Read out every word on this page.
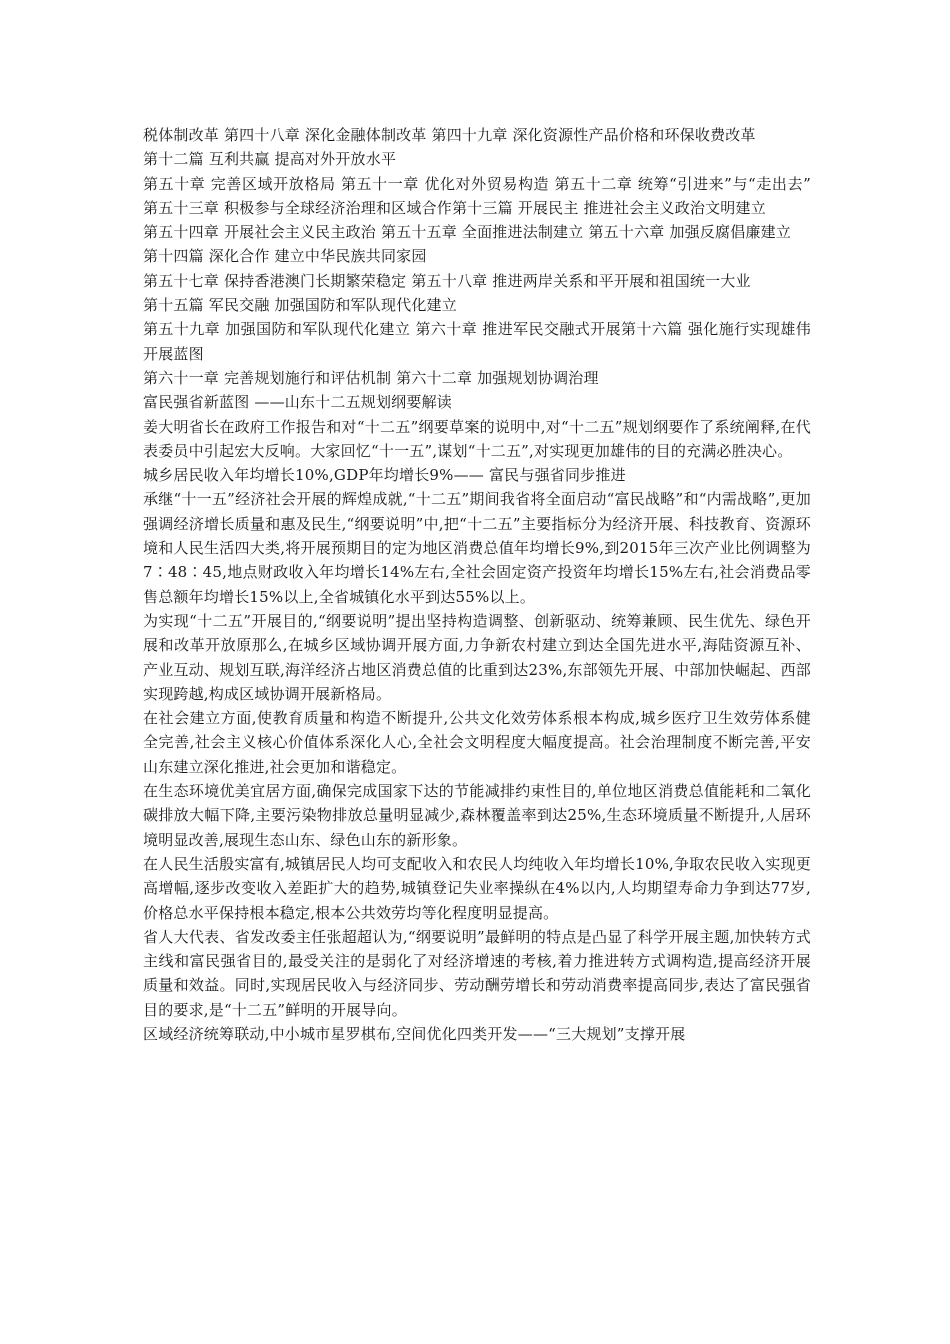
税体制改革 第四十八章 深化金融体制改革 第四十九章 深化资源性产品价格和环保收费改革

第十二篇 互利共赢 提高对外开放水平

第五十章 完善区域开放格局 第五十一章 优化对外贸易构造 第五十二章 统筹“引进来”与“走出去” 第五十三章 积极参与全球经济治理和区域合作第十三篇 开展民主 推进社会主义政治文明建立

第五十四章 开展社会主义民主政治 第五十五章 全面推进法制建立 第五十六章 加强反腐倡廉建立

第十四篇 深化合作 建立中华民族共同家园

第五十七章 保持香港澳门长期繁荣稳定 第五十八章 推进两岸关系和平开展和祖国统一大业

第十五篇 军民交融 加强国防和军队现代化建立

第五十九章 加强国防和军队现代化建立 第六十章 推进军民交融式开展第十六篇 强化施行实现雄伟开展蓝图

第六十一章 完善规划施行和评估机制 第六十二章 加强规划协调治理

富民强省新蓝图 ——山东十二五规划纲要解读

姜大明省长在政府工作报告和对“十二五”纲要草案的说明中,对“十二五”规划纲要作了系统阐释,在代表委员中引起宏大反响。大家回忆“十一五”,谋划“十二五”,对实现更加雄伟的目的充满必胜决心。

城乡居民收入年均增长10%,GDP年均增长9%—— 富民与强省同步推进

承继“十一五”经济社会开展的辉煌成就,“十二五”期间我省将全面启动“富民战略”和“内需战略”,更加强调经济增长质量和惠及民生,“纲要说明”中,把“十二五”主要指标分为经济开展、科技教育、资源环境和人民生活四大类,将开展预期目的定为地区消费总值年均增长9%,到2015年三次产业比例调整为7∶48∶45,地点财政收入年均增长14%左右,全社会固定资产投资年均增长15%左右,社会消费品零售总额年均增长15%以上,全省城镇化水平到达55%以上。

为实现“十二五”开展目的,“纲要说明”提出坚持构造调整、创新驱动、统筹兼顾、民生优先、绿色开展和改革开放原那么,在城乡区域协调开展方面,力争新农村建立到达全国先进水平,海陆资源互补、产业互动、规划互联,海洋经济占地区消费总值的比重到达23%,东部领先开展、中部加快崛起、西部实现跨越,构成区域协调开展新格局。

在社会建立方面,使教育质量和构造不断提升,公共文化效劳体系根本构成,城乡医疗卫生效劳体系健全完善,社会主义核心价值体系深化人心,全社会文明程度大幅度提高。社会治理制度不断完善,平安山东建立深化推进,社会更加和谐稳定。

在生态环境优美宜居方面,确保完成国家下达的节能减排约束性目的,单位地区消费总值能耗和二氧化碳排放大幅下降,主要污染物排放总量明显减少,森林覆盖率到达25%,生态环境质量不断提升,人居环境明显改善,展现生态山东、绿色山东的新形象。

在人民生活殷实富有,城镇居民人均可支配收入和农民人均纯收入年均增长10%,争取农民收入实现更高增幅,逐步改变收入差距扩大的趋势,城镇登记失业率操纵在4%以内,人均期望寿命力争到达77岁,价格总水平保持根本稳定,根本公共效劳均等化程度明显提高。

省人大代表、省发改委主任张超超认为,“纲要说明”最鲜明的特点是凸显了科学开展主题,加快转方式主线和富民强省目的,最受关注的是弱化了对经济增速的考核,着力推进转方式调构造,提高经济开展质量和效益。同时,实现居民收入与经济同步、劳动酬劳增长和劳动消费率提高同步,表达了富民强省目的要求,是“十二五”鲜明的开展导向。

区域经济统筹联动,中小城市星罗棋布,空间优化四类开发——“三大规划”支撑开展
